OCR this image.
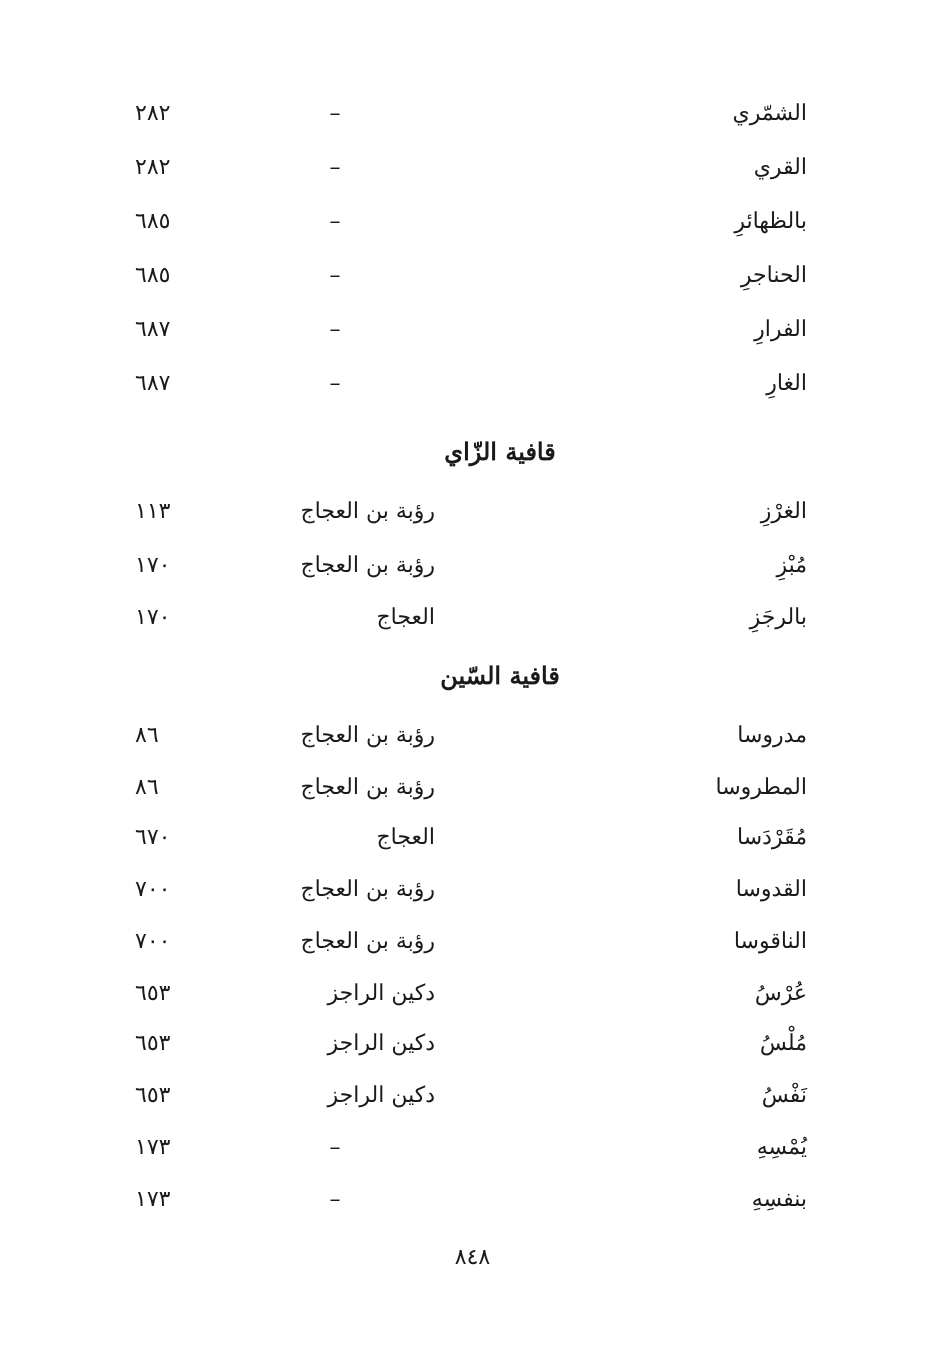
الشمّري
–
٢٨٢
القري
–
٢٨٢
بالظهائرِ
–
٦٨٥
الحناجرِ
–
٦٨٥
الفرارِ
–
٦٨٧
الغارِ
–
٦٨٧
قافية الزّاي
الغرْزِ
رؤبة بن العجاج
١١٣
مُبْزِ
رؤبة بن العجاج
١٧٠
بالرجَزِ
العجاج
١٧٠
قافية السّين
مدروسا
رؤبة بن العجاج
٨٦
المطروسا
رؤبة بن العجاج
٨٦
مُقَرْدَسا
العجاج
٦٧٠
القدوسا
رؤبة بن العجاج
٧٠٠
الناقوسا
رؤبة بن العجاج
٧٠٠
عُرْسُ
دكين الراجز
٦٥٣
مُلْسُ
دكين الراجز
٦٥٣
نَفْسُ
دكين الراجز
٦٥٣
يُمْسِهِ
–
١٧٣
بنفسِهِ
–
١٧٣
٨٤٨
